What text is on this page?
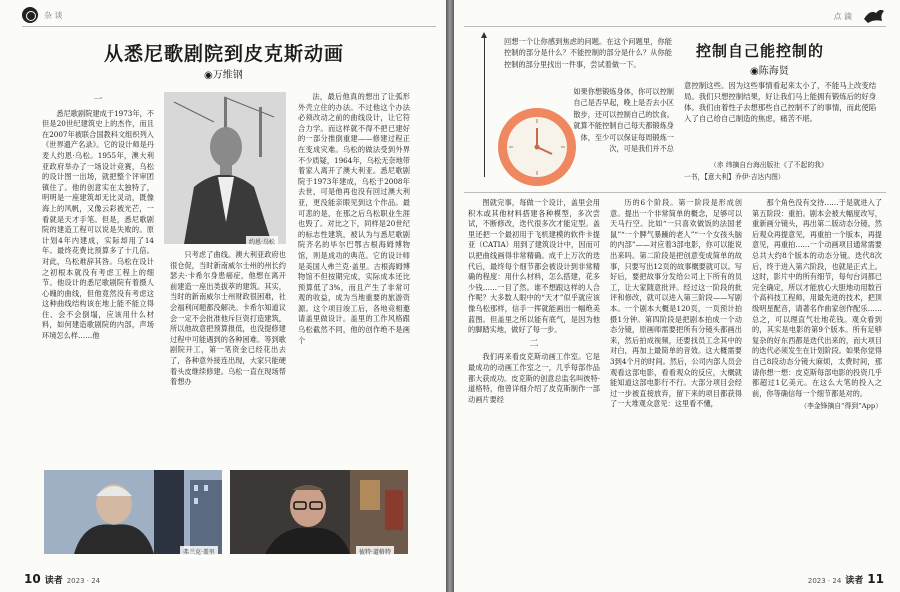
杂 谈
从悉尼歌剧院到皮克斯动画
◉万维钢
一

悉尼歌剧院建成于1973年，不但是20世纪建筑史上的杰作，而且在2007年被联合国教科文组织列入《世界遗产名录》。它的设计师是丹麦人约恩·乌松。1955年，澳大利亚政府举办了一场设计竞赛，乌松的设计图一出场，就把整个评审团镇住了。他的创意实在太独特了，明明是一座建筑却无比灵动，既像海上的风帆，又像云彩被光芒，一看就是天才手笔。但是，悉尼歌剧院的建造工程可以说是失败的。原计划4年内建成，实际却用了14年。最终花费比预算多了十几倍。对此，乌松难辞其咎。乌松在设计之初根本就没有考虑工程上的细节。他设计的悉尼歌剧院有着摄人心魄的曲线，但他竟然没有考虑这这种曲线结构该在地上能不能立得住、会不会倒塌，应该用什么材料，如何建造歌剧院的内部，声场环境怎么样……他

约恩·乌松

只考虑了曲线。澳大利亚政府也很仓促，当时新南威尔士州的州长约瑟夫·卡希尔身患癌症，他想在离开前建造一座出类拔萃的建筑。其实，当时的新南威尔士州财政很困难，社会福利问题都没解决。卡希尔知道议会一定不会批准他斥巨资打造建筑，所以他故意把预算报低，也没提修建过程中可能遇到的各种困难。等到歌剧院开工，第一笔资金已经花出去了，各种意外接连出现，大家只能硬着头皮继续修建。乌松一直在现场帮着想办

法，最后他真的想出了让弧形外壳立住的办法。不过他这个办法必须改动之前的曲线设计，让它符合力学。而这样就不得不把已建好的一部分推倒重建——修建过程正在变成灾难。乌松的做法受到外界不少质疑，1964年，乌松无奈地带着家人离开了澳大利亚。悉尼歌剧院于1973年建成，乌松于2008年去世，可是他再也没有回过澳大利亚，更没能亲眼见到这个作品。最可悲的是，在那之后乌松职业生涯也毁了。对比之下，同样是20世纪的标志性建筑，被认为与悉尼歌剧院齐名的毕尔巴鄂古根海姆博物馆，则是成功的典范。它的设计师是美国人弗兰克·盖里。古根海姆博物馆不但按期完成，实际成本还比预算低了3%，而且产生了非常可观的收益，成为当地重要的旅游资源。这个项目竣工后，各地竞相邀请盖里做设计。盖里的工作风格跟乌松截然不同，他的创作绝不是画个

弗兰克·盖里	彼特·道格特
10 读者 2023 · 24
点 滴
回想一个让你感到焦虑的问题。在这个问题里，你能控制的部分是什么？不能控制的部分是什么？从你能控制的部分里找出一件事，尝试着做一下。
如果你想锻炼身体，你可以控制自己是否早起，晚上是否去小区散步，还可以控制自己的饮食。就算不能控制自己每天都锻炼身体，至少可以保证每周锻炼一次，可是我们并不总
控制自己能控制的
◉陈海贤
意控制这些。因为这些事情看起来太小了，不能马上改变结局。我们只想控制结果，好让我们马上能拥有锻炼后的好身体。我们由着性子去想那些自己控制不了的事情，而此使陷入了自己给自己制造的焦虑，痛苦不堪。
（赤 纬摘自台海出版社《了不起的我》
一书，【意大利】乔伊·吉达内图）

图就完事，每做一个设计，盖里会用积木或其他材料搭建各种模型，多次尝试，不断修改，迭代很多次才能定型。盖里还把一个最初用于飞机建模的软件卡提亚（CATIA）用到了建筑设计中，因而可以把曲线画得非常精确。成千上万次的迭代后，最终每个细节都会被设计到非常精确的程度：用什么材料，怎么搭建，花多少钱……一目了然。谁不想跟这样的人合作呢？大多数人眼中的“天才”似乎就应该像乌松那样，信手一挥就能画出一幅绝美蓝图。但盖里之所以能有底气，是因为他的脚踏实地，做好了每一步。

二

我们再来看皮克斯动画工作室。它是最成功的动画工作室之一，几乎每部作品都大获成功。皮克斯的创意总监名叫彼特·道格特，他曾详细介绍了皮克斯制作一部动画片要经

历的6个阶段。第一阶段是形成创意。提出一个非常简单的概念，足够可以天马行空。比如“一只喜欢做饭的法国老鼠”“一个脾气暴躁的老人”“一个女孩头脑的内部”——对应着3部电影，你可以能说出来吗。第二阶段是把创意变成简单的故事，只要写出12页的故事概要就可以。写好后，要把故事分发给公司上下所有的员工，让大家随意批评。经过这一阶段的批评和修改，就可以进入第三阶段——写剧本。一个剧本大概是120页，一页预计拍摄1分钟。第四阶段是把剧本拍成一个动态分镜，原画师需要把所有分镜头都画出来，然后拍成视频，还要找员工念其中的对白，再加上最简单的音效。这大概需要3到4个月的时间。然后，公司内部人员会观看这部电影，看看观众的反应，大概就能知道这部电影行不行。大部分项目会经过一步被直接放弃，留下来的项目都获得了一大堆观众意见：这里看不懂，

那个角色没有交待……于是就进入了第五阶段：重拍。剧本会被大幅度改写，重新画分镜头，再出第二版动态分镜。然后观众再提意见，再重拍一个版本，再提意见，再重拍……一个动画项目通常需要总共大约8个版本的动态分镜。迭代8次后，终于进入第六阶段，也就是正式上。这时，影片中的所有细节，每句台词都已完全确定，所以才能放心大胆地动用数百个高科技工程师，用最先进的技术，把顶级明星配音，请著名作曲家创作配乐……总之，可以理直气壮地花钱。观众看到的，其实是电影的第9个版本。所有足够复杂的好东西都是迭代出来的，而大项目的迭代必须发生在计划阶段。如果你觉得自己8段动态分镜大麻烦，太费时间，那请你想一想：皮克斯每部电影的投资几乎都超过1亿美元。在这么大笔的投入之前，你等确信每一个细节都是对的。

（李金锋摘自“得到”App）
2023 · 24 读者 11
